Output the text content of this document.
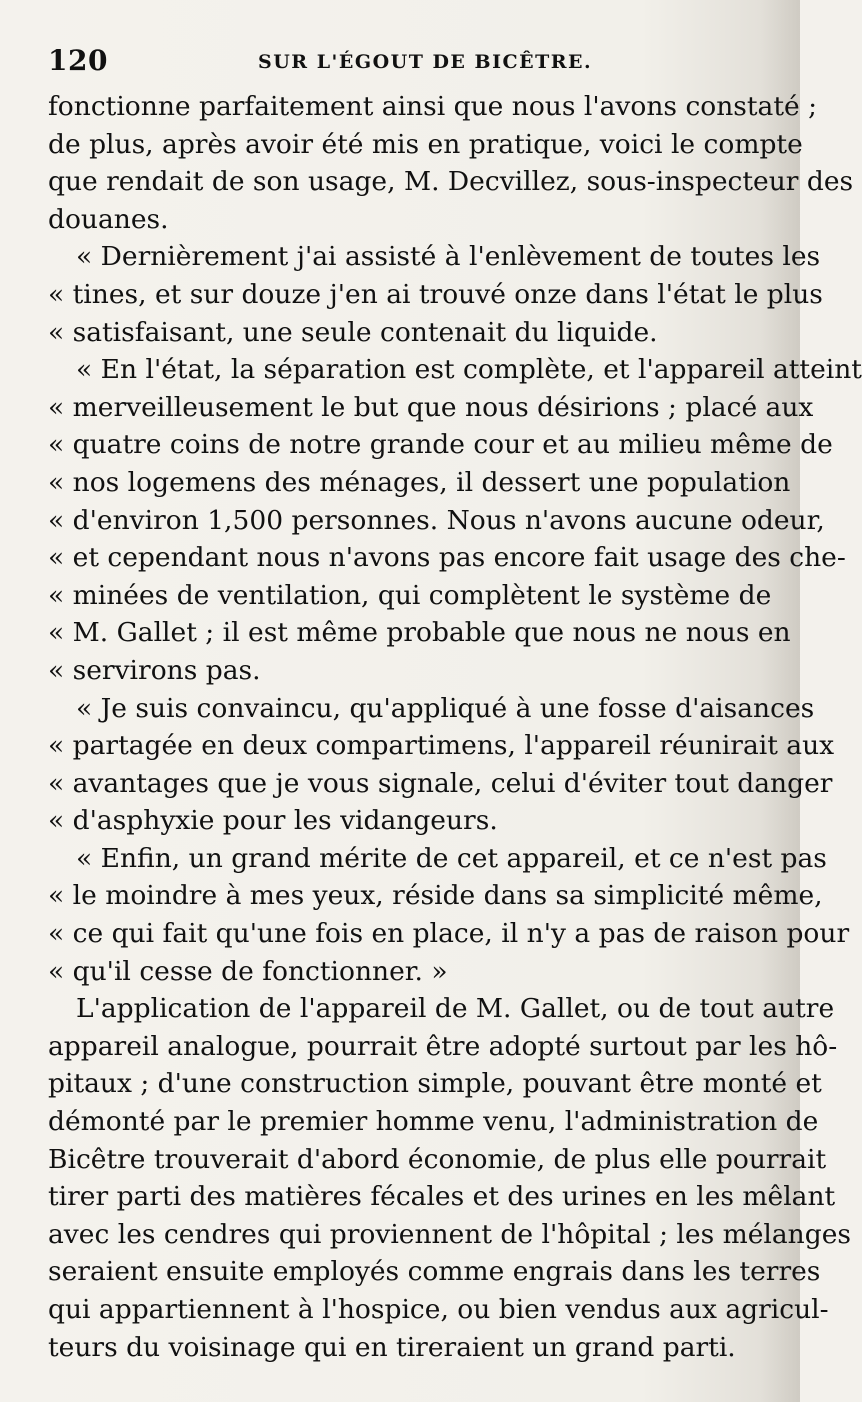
120	SUR L'ÉGOUT DE BICÊTRE.
fonctionne parfaitement ainsi que nous l'avons constaté ;
de plus, après avoir été mis en pratique, voici le compte
que rendait de son usage, M. Decvillez, sous-inspecteur des
douanes.
« Dernièrement j'ai assisté à l'enlèvement de toutes les
« tines, et sur douze j'en ai trouvé onze dans l'état le plus
« satisfaisant, une seule contenait du liquide.
« En l'état, la séparation est complète, et l'appareil atteint
« merveilleusement le but que nous désirions ; placé aux
« quatre coins de notre grande cour et au milieu même de
« nos logemens des ménages, il dessert une population
« d'environ 1,500 personnes. Nous n'avons aucune odeur,
« et cependant nous n'avons pas encore fait usage des che-
« minées de ventilation, qui complètent le système de
« M. Gallet ; il est même probable que nous ne nous en
« servirons pas.
« Je suis convaincu, qu'appliqué à une fosse d'aisances
« partagée en deux compartimens, l'appareil réunirait aux
« avantages que je vous signale, celui d'éviter tout danger
« d'asphyxie pour les vidangeurs.
« Enfin, un grand mérite de cet appareil, et ce n'est pas
« le moindre à mes yeux, réside dans sa simplicité même,
« ce qui fait qu'une fois en place, il n'y a pas de raison pour
« qu'il cesse de fonctionner. »
L'application de l'appareil de M. Gallet, ou de tout autre
appareil analogue, pourrait être adopté surtout par les hô-
pitaux ; d'une construction simple, pouvant être monté et
démonté par le premier homme venu, l'administration de
Bicêtre trouverait d'abord économie, de plus elle pourrait
tirer parti des matières fécales et des urines en les mêlant
avec les cendres qui proviennent de l'hôpital ; les mélanges
seraient ensuite employés comme engrais dans les terres
qui appartiennent à l'hospice, ou bien vendus aux agricul-
teurs du voisinage qui en tireraient un grand parti.
